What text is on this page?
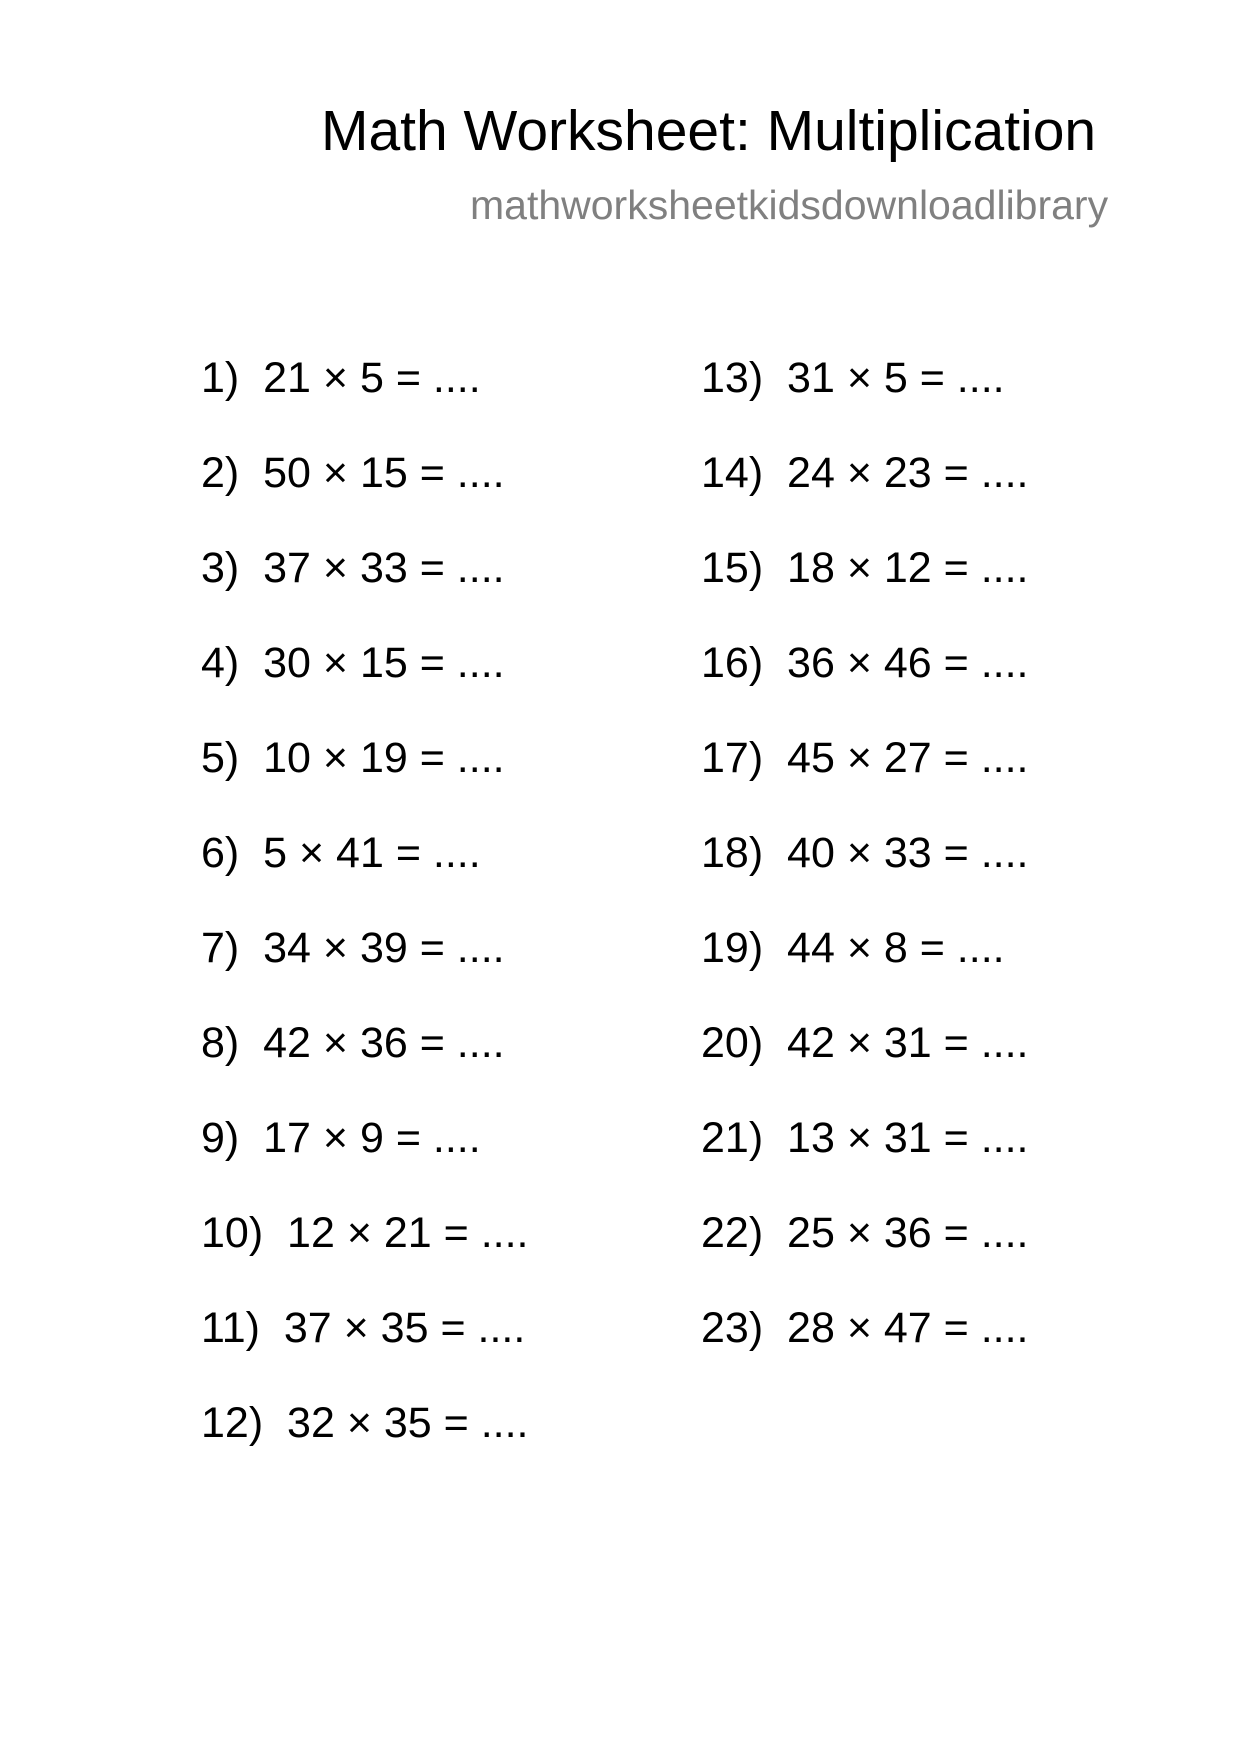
Math Worksheet: Multiplication
mathworksheetkidsdownloadlibrary
1)  21 × 5 = ....
2)  50 × 15 = ....
3)  37 × 33 = ....
4)  30 × 15 = ....
5)  10 × 19 = ....
6)  5 × 41 = ....
7)  34 × 39 = ....
8)  42 × 36 = ....
9)  17 × 9 = ....
10)  12 × 21 = ....
11)  37 × 35 = ....
12)  32 × 35 = ....
13)  31 × 5 = ....
14)  24 × 23 = ....
15)  18 × 12 = ....
16)  36 × 46 = ....
17)  45 × 27 = ....
18)  40 × 33 = ....
19)  44 × 8 = ....
20)  42 × 31 = ....
21)  13 × 31 = ....
22)  25 × 36 = ....
23)  28 × 47 = ....
